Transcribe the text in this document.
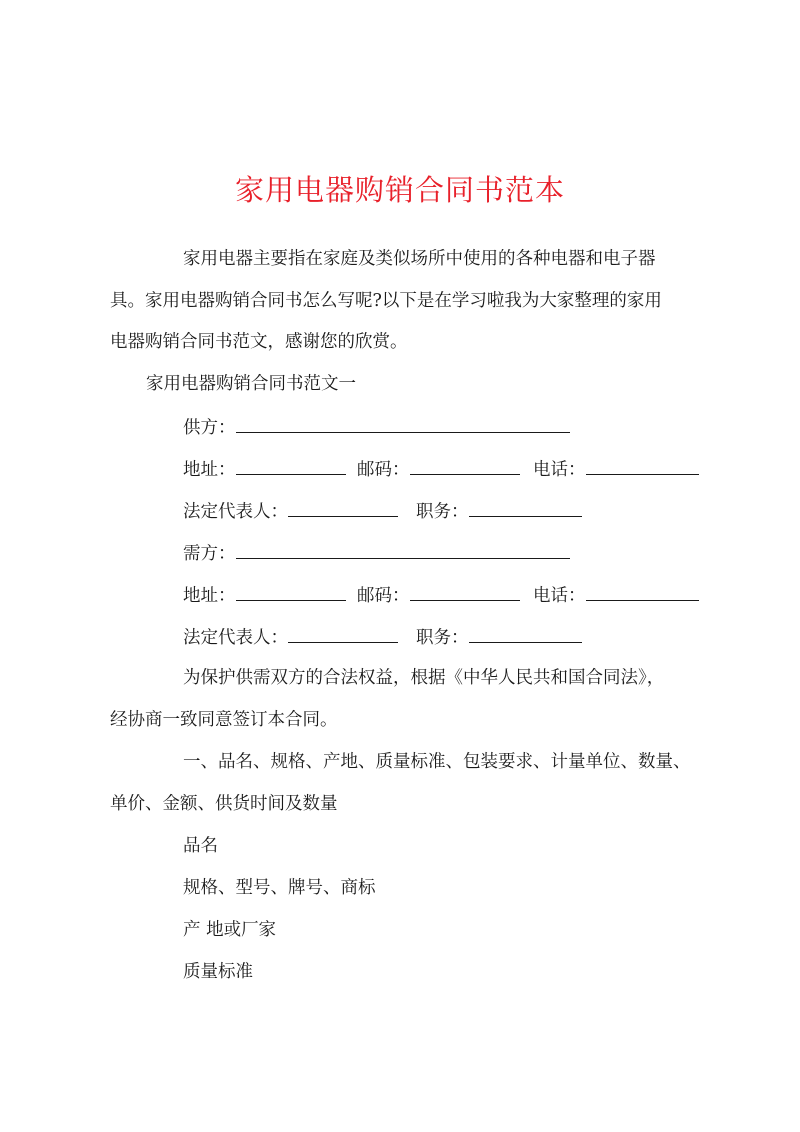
家用电器购销合同书范本
家用电器主要指在家庭及类似场所中使用的各种电器和电子器
具。家用电器购销合同书怎么写呢?以下是在学习啦我为大家整理的家用
电器购销合同书范文，感谢您的欣赏。
家用电器购销合同书范文一
供方：
地址：	邮码：	电话：
法定代表人：	职务：
需方：
地址：	邮码：	电话：
法定代表人：	职务：
为保护供需双方的合法权益，根据《中华人民共和国合同法》，
经协商一致同意签订本合同。
一、品名、规格、产地、质量标准、包装要求、计量单位、数量、
单价、金额、供货时间及数量
品名
规格、型号、牌号、商标
产 地或厂家
质量标准
